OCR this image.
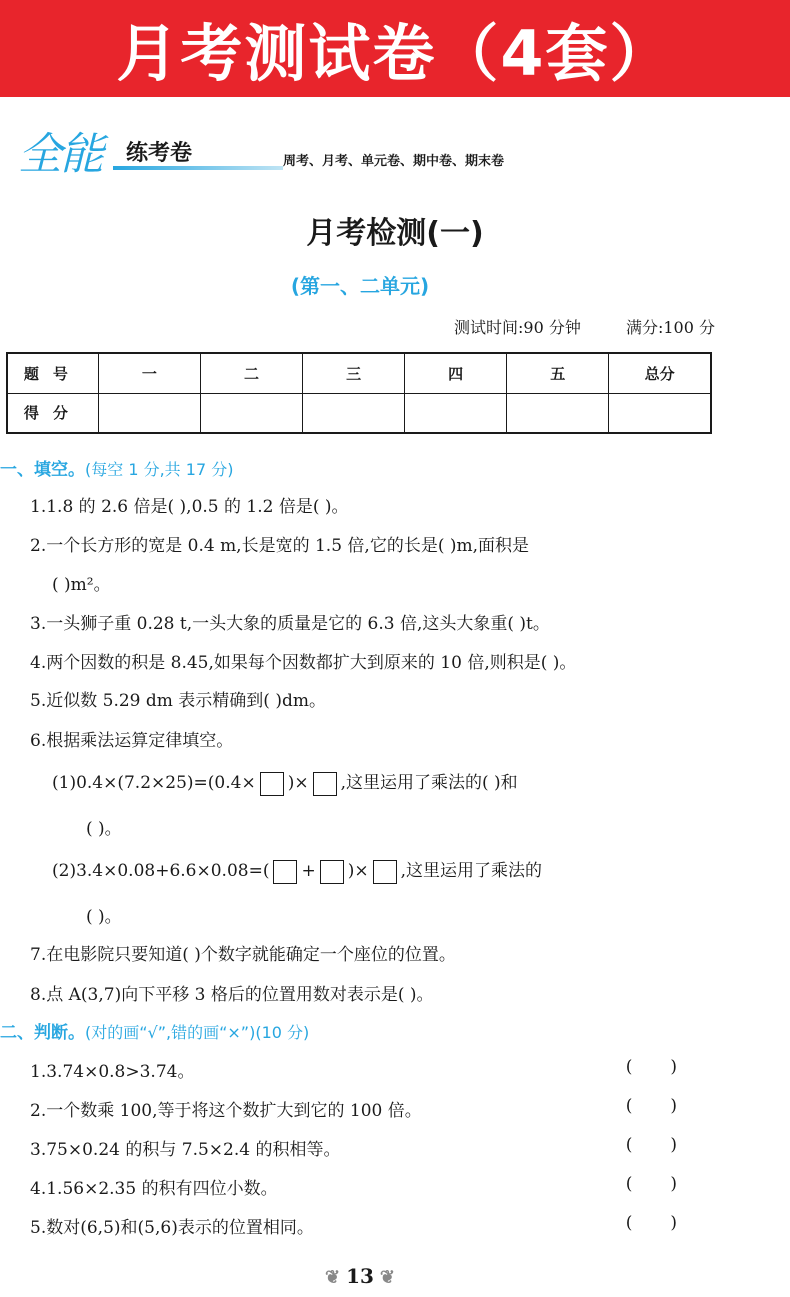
月考测试卷（4套）
全能 练考卷	周考、月考、单元卷、期中卷、期末卷
月考检测(一)
(第一、二单元)
测试时间:90 分钟	满分:100 分
题号	一	二	三	四	五	总分
得分						
一、填空。(每空 1 分,共 17 分)
1.1.8 的 2.6 倍是( ),0.5 的 1.2 倍是( )。
2.一个长方形的宽是 0.4 m,长是宽的 1.5 倍,它的长是( )m,面积是
( )m²。
3.一头狮子重 0.28 t,一头大象的质量是它的 6.3 倍,这头大象重( )t。
4.两个因数的积是 8.45,如果每个因数都扩大到原来的 10 倍,则积是( )。
5.近似数 5.29 dm 表示精确到( )dm。
6.根据乘法运算定律填空。
(1)0.4×(7.2×25)=(0.4× )× ,这里运用了乘法的( )和
( )。
(2)3.4×0.08+6.6×0.08=( + )× ,这里运用了乘法的
( )。
7.在电影院只要知道( )个数字就能确定一个座位的位置。
8.点 A(3,7)向下平移 3 格后的位置用数对表示是( )。
二、判断。(对的画“√”,错的画“×”)(10 分)
1.3.74×0.8>3.74。	()
2.一个数乘 100,等于将这个数扩大到它的 100 倍。	()
3.75×0.24 的积与 7.5×2.4 的积相等。	()
4.1.56×2.35 的积有四位小数。	()
5.数对(6,5)和(5,6)表示的位置相同。	()
❦ 13 ❦
